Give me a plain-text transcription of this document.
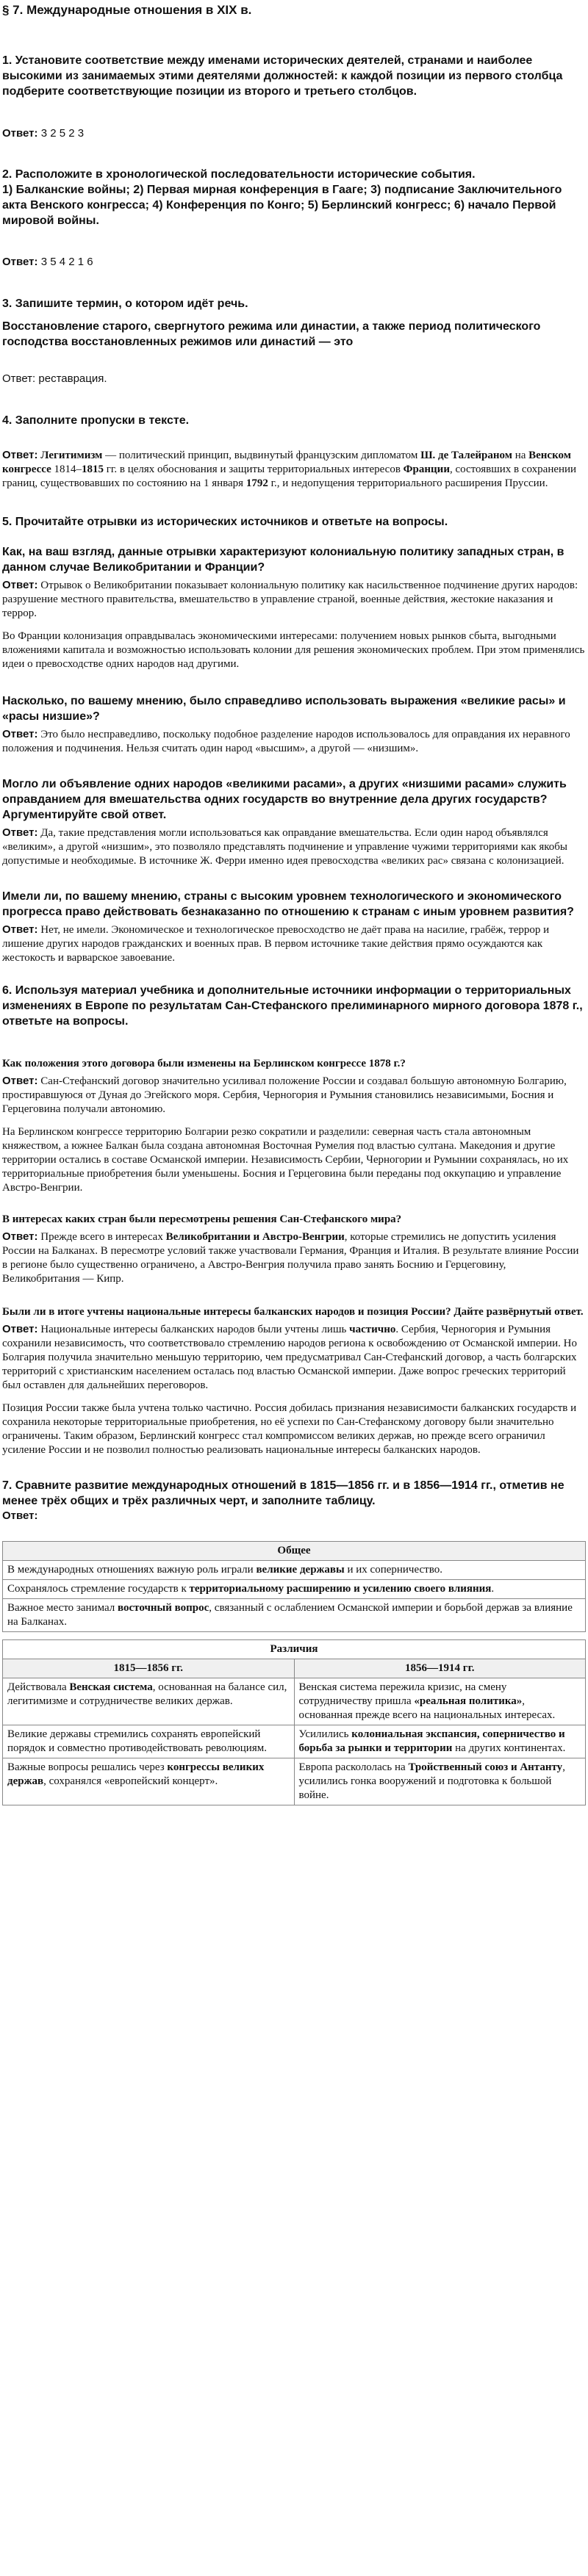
§ 7. Международные отношения в XIX в.

1. Установите соответствие между именами исторических деятелей, странами и наиболее высокими из занимаемых этими деятелями должностей: к каждой позиции из первого столбца подберите соответствующие позиции из второго и третьего столбцов.

Ответ: 3 2 5 2 3

2. Расположите в хронологической последовательности исторические события.

1) Балканские войны; 2) Первая мирная конференция в Гааге; 3) подписание Заключительного акта Венского конгресса; 4) Конференция по Конго; 5) Берлинский конгресс; 6) начало Первой мировой войны.

Ответ: 3 5 4 2 1 6

3. Запишите термин, о котором идёт речь.

Восстановление старого, свергнутого режима или династии, а также период политического господства восстановленных режимов или династий — это

Ответ: реставрация.

4. Заполните пропуски в тексте.

Ответ: Легитимизм — политический принцип, выдвинутый французским дипломатом Ш. де Талейраном на Венском конгрессе 1814–1815 гг. в целях обоснования и защиты территориальных интересов Франции, состоявших в сохранении границ, существовавших по состоянию на 1 января 1792 г., и недопущения территориального расширения Пруссии.

5. Прочитайте отрывки из исторических источников и ответьте на вопросы.

Как, на ваш взгляд, данные отрывки характеризуют колониальную политику западных стран, в данном случае Великобритании и Франции?

Ответ: Отрывок о Великобритании показывает колониальную политику как насильственное подчинение других народов: разрушение местного правительства, вмешательство в управление страной, военные действия, жестокие наказания и террор.

Во Франции колонизация оправдывалась экономическими интересами: получением новых рынков сбыта, выгодными вложениями капитала и возможностью использовать колонии для решения экономических проблем. При этом применялись идеи о превосходстве одних народов над другими.

Насколько, по вашему мнению, было справедливо использовать выражения «великие расы» и «расы низшие»?

Ответ: Это было несправедливо, поскольку подобное разделение народов использовалось для оправдания их неравного положения и подчинения. Нельзя считать один народ «высшим», а другой — «низшим».

Могло ли объявление одних народов «великими расами», а других «низшими расами» служить оправданием для вмешательства одних государств во внутренние дела других государств? Аргументируйте свой ответ.

Ответ: Да, такие представления могли использоваться как оправдание вмешательства. Если один народ объявлялся «великим», а другой «низшим», это позволяло представлять подчинение и управление чужими территориями как якобы допустимые и необходимые. В источнике Ж. Ферри именно идея превосходства «великих рас» связана с колонизацией.

Имели ли, по вашему мнению, страны с высоким уровнем технологического и экономического прогресса право действовать безнаказанно по отношению к странам с иным уровнем развития?

Ответ: Нет, не имели. Экономическое и технологическое превосходство не даёт права на насилие, грабёж, террор и лишение других народов гражданских и военных прав. В первом источнике такие действия прямо осуждаются как жестокость и варварское завоевание.

6. Используя материал учебника и дополнительные источники информации о территориальных изменениях в Европе по результатам Сан-Стефанского прелиминарного мирного договора 1878 г., ответьте на вопросы.

Как положения этого договора были изменены на Берлинском конгрессе 1878 г.?

Ответ: Сан-Стефанский договор значительно усиливал положение России и создавал большую автономную Болгарию, простиравшуюся от Дуная до Эгейского моря. Сербия, Черногория и Румыния становились независимыми, Босния и Герцеговина получали автономию.

На Берлинском конгрессе территорию Болгарии резко сократили и разделили: северная часть стала автономным княжеством, а южнее Балкан была создана автономная Восточная Румелия под властью султана. Македония и другие территории остались в составе Османской империи. Независимость Сербии, Черногории и Румынии сохранялась, но их территориальные приобретения были уменьшены. Босния и Герцеговина были переданы под оккупацию и управление Австро-Венгрии.

В интересах каких стран были пересмотрены решения Сан-Стефанского мира?

Ответ: Прежде всего в интересах Великобритании и Австро-Венгрии, которые стремились не допустить усиления России на Балканах. В пересмотре условий также участвовали Германия, Франция и Италия. В результате влияние России в регионе было существенно ограничено, а Австро-Венгрия получила право занять Боснию и Герцеговину, Великобритания — Кипр.

Были ли в итоге учтены национальные интересы балканских народов и позиция России? Дайте развёрнутый ответ.

Ответ: Национальные интересы балканских народов были учтены лишь частично. Сербия, Черногория и Румыния сохранили независимость, что соответствовало стремлению народов региона к освобождению от Османской империи. Но Болгария получила значительно меньшую территорию, чем предусматривал Сан-Стефанский договор, а часть болгарских территорий с христианским населением осталась под властью Османской империи. Даже вопрос греческих территорий был оставлен для дальнейших переговоров.

Позиция России также была учтена только частично. Россия добилась признания независимости балканских государств и сохранила некоторые территориальные приобретения, но её успехи по Сан-Стефанскому договору были значительно ограничены. Таким образом, Берлинский конгресс стал компромиссом великих держав, но прежде всего ограничил усиление России и не позволил полностью реализовать национальные интересы балканских народов.

7. Сравните развитие международных отношений в 1815—1856 гг. и в 1856—1914 гг., отметив не менее трёх общих и трёх различных черт, и заполните таблицу.

Ответ:

Общее
В международных отношениях важную роль играли великие державы и их соперничество.
Сохранялось стремление государств к территориальному расширению и усилению своего влияния.
Важное место занимал восточный вопрос, связанный с ослаблением Османской империи и борьбой держав за влияние на Балканах.
Различия	
1815—1856 гг.	1856—1914 гг.
Действовала Венская система, основанная на балансе сил, легитимизме и сотрудничестве великих держав.	Венская система пережила кризис, на смену сотрудничеству пришла «реальная политика», основанная прежде всего на национальных интересах.
Великие державы стремились сохранять европейский порядок и совместно противодействовать революциям.	Усилились колониальная экспансия, соперничество и борьба за рынки и территории на других континентах.
Важные вопросы решались через конгрессы великих держав, сохранялся «европейский концерт».	Европа раскололась на Тройственный союз и Антанту, усилились гонка вооружений и подготовка к большой войне.
